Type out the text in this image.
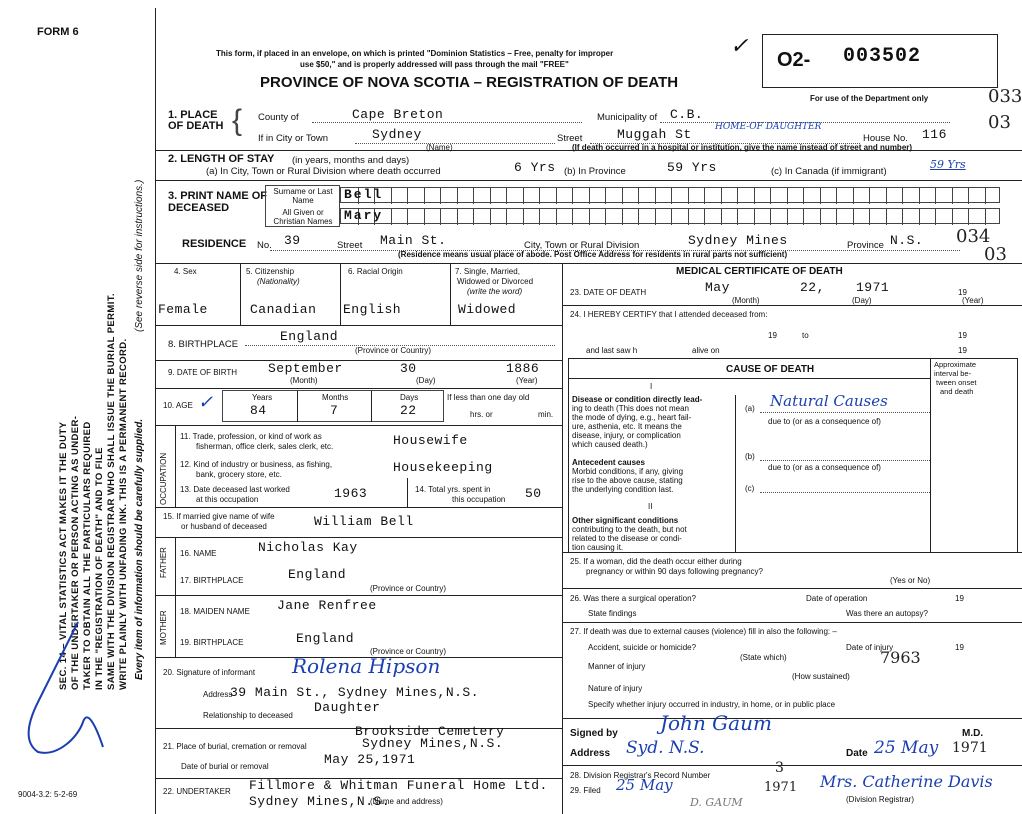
FORM 6
This form, if placed in an envelope, on which is printed "Dominion Statistics – Free, penalty for improper
use $50," and is properly addressed will pass through the mail "FREE"
PROVINCE OF NOVA SCOTIA – REGISTRATION OF DEATH
O2- 003502
✓
For use of the Department only	033
03
034
03
SEC. 14 – VITAL STATISTICS ACT MAKES IT THE DUTY OF THE UNDERTAKER OR PERSON ACTING AS UNDER- TAKER TO OBTAIN ALL THE PARTICULARS REQUIRED IN THE "REGISTRATION OF DEATH" AND TO FILE SAME WITH THE DIVISION REGISTRAR WHO SHALL ISSUE THE BURIAL PERMIT. WRITE PLAINLY WITH UNFADING INK. THIS IS A PERMANENT RECORD.
(See reverse side for instructions.)
Every item of information should be carefully supplied.
9004-3.2: 5-2-69
1. PLACE OF DEATH { County of	Cape Breton	Municipality of C.B.
If in City or Town	Sydney
(Name)
Street	Muggah St	HOME-OF DAUGHTER
House No. 116
(If death occurred in a hospital or institution, give the name instead of street and number)
2. LENGTH OF STAY (in years, months and days)
(a) In City, Town or Rural Division where death occurred	6 Yrs (b) In Province	59 Yrs	(c) In Canada (if immigrant)
59 Yrs
3. PRINT NAME OF DECEASED
Surname or Last Name
All Given or Christian Names
Bell
Mary
RESIDENCE No. 39	Street Main St.	City, Town or Rural Division	Sydney Mines	Province N.S.
(Residence means usual place of abode. Post Office Address for residents in rural parts not sufficient)
4. Sex
Female
5. Citizenship
(Nationality)
Canadian
6. Racial Origin
English
7. Single, Married,
Widowed or Divorced
(write the word)
Widowed
8. BIRTHPLACE
England
(Province or Country)
9. DATE OF BIRTH September	30	1886
(Month)	(Day)	(Year)
10. AGE ✓	Years
84
Months
7
Days
22
If less than one day old
hrs. or	min.
OCCUPATION
11. Trade, profession, or kind of work as
fisherman, office clerk, sales clerk, etc.	Housewife
12. Kind of industry or business, as fishing,
bank, grocery store, etc.	Housekeeping
13. Date deceased last worked
at this occupation	1963	14. Total yrs. spent in
this occupation 50
15. If married give name of wife
or husband of deceased	William Bell
FATHER 16. NAME	Nicholas Kay
17. BIRTHPLACE	England
(Province or Country)
MOTHER 18. MAIDEN NAME Jane Renfree
19. BIRTHPLACE	England
(Province or Country)
20. Signature of informant Rolena Hipson
Address
39 Main St., Sydney Mines,N.S.
Relationship to deceased
Daughter
Brookside Cemetery
21. Place of burial, cremation or removal	Sydney Mines,N.S.
Date of burial or removal	May 25,1971
22. UNDERTAKER Fillmore & Whitman Funeral Home Ltd.
Sydney Mines,N.S.
(Name and address)
MEDICAL CERTIFICATE OF DEATH
23. DATE OF DEATH	May	22, 1971	19
(Month)	(Day)	(Year)
24. I HEREBY CERTIFY that I attended deceased from:
19	to	19
and last saw h	alive on	19
CAUSE OF DEATH	Approximate
interval be-
tween onset
and death
I
II
Disease or condition directly lead-
ing to death (This does not mean
the mode of dying, e.g., heart fail-
ure, asthenia, etc. It means the
disease, injury, or complication
which caused death.)
(a) Natural Causes
due to (or as a consequence of)
Antecedent causes
Morbid conditions, if any, giving
rise to the above cause, stating
the underlying condition last.
(b)
due to (or as a consequence of)
(c)
Other significant conditions
contributing to the death, but not
related to the disease or condi-
tion causing it.
25. If a woman, did the death occur either during
pregnancy or within 90 days following pregnancy?
(Yes or No)
26. Was there a surgical operation?	Date of operation	19
State findings	Was there an autopsy?
27. If death was due to external causes (violence) fill in also the following: –
Accident, suicide or homicide?	Date of injury	19
(State which)	7963
Manner of injury
(How sustained)
Nature of injury
Specify whether injury occurred in industry, in home, or in public place
Signed by John Gaum	M.D.
Address Syd. N.S.	Date 25 May 1971
28. Division Registrar's Record Number	3
29. Filed 25 May	1971 Mrs. Catherine Davis
(Division Registrar)
D. GAUM
